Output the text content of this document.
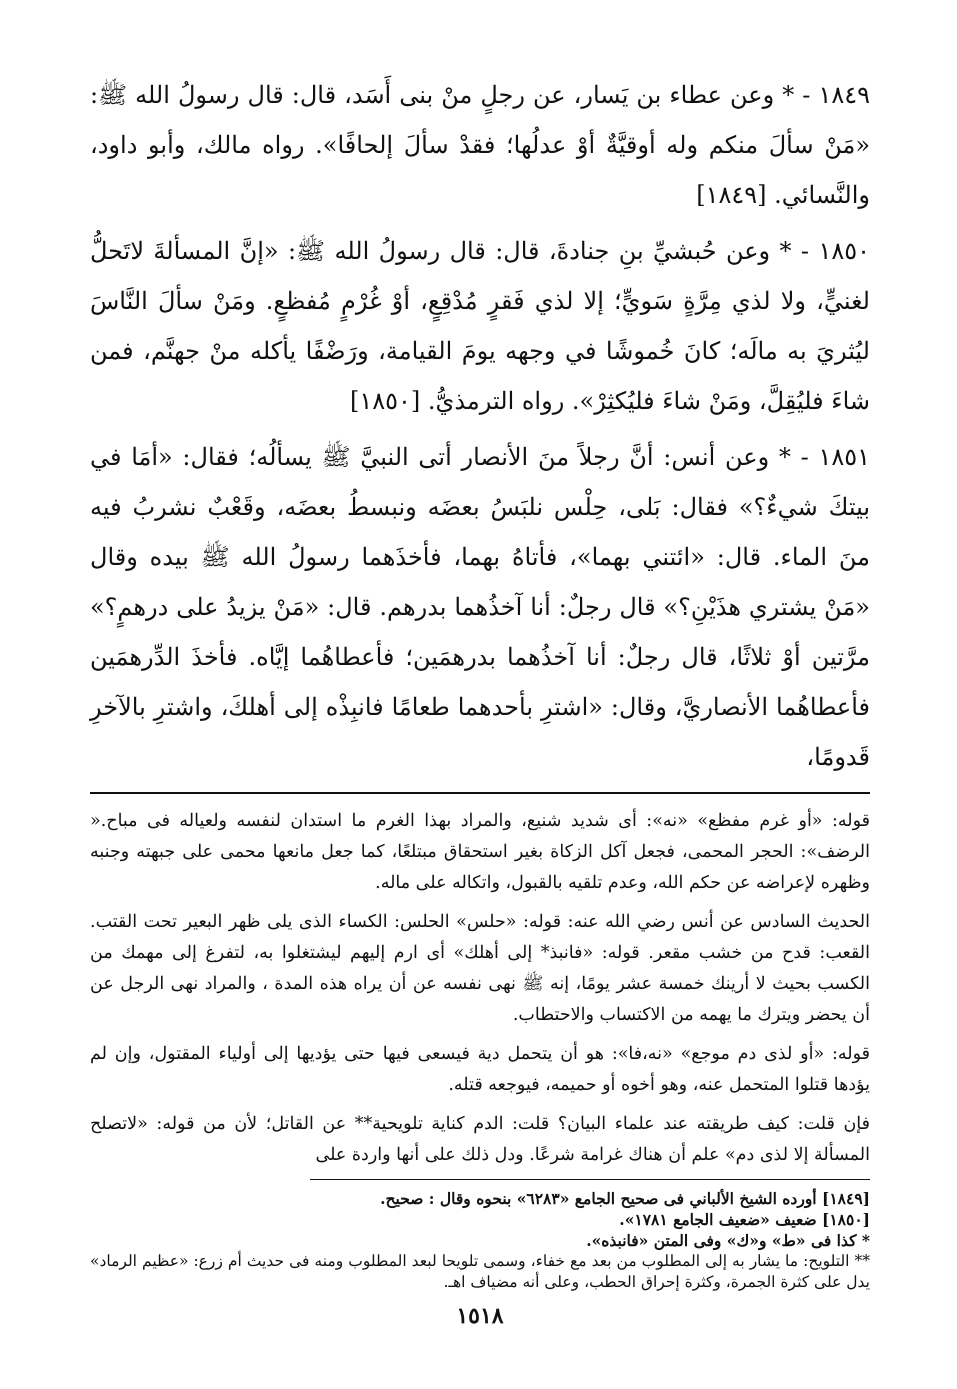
١٨٤٩ - * وعن عطاء بن يَسار، عن رجلٍ منْ بنى أَسَد، قال: قال رسولُ الله ﷺ: «مَنْ سألَ منكم وله أوقيَّةٌ أوْ عدلُها؛ فقدْ سألَ إلحافًا». رواه مالك، وأبو داود، والنَّسائي. [١٨٤٩]

١٨٥٠ - * وعن حُبشيِّ بنِ جنادةَ، قال: قال رسولُ الله ﷺ: «إنَّ المسألةَ لاتَحلُّ لغنيٍّ، ولا لذي مِرَّةٍ سَويٍّ؛ إلا لذي فَقرٍ مُدْقِعٍ، أوْ غُرْمٍ مُفظعٍ. ومَنْ سألَ النَّاسَ ليُثريَ به مالَه؛ كانَ خُموشًا في وجهه يومَ القيامة، ورَضْفًا يأكله منْ جهنَّم، فمن شاءَ فليُقِلَّ، ومَنْ شاءَ فليُكثِرْ». رواه الترمذيُّ. [١٨٥٠]

١٨٥١ - * وعن أنس: أنَّ رجلاً منَ الأنصار أتى النبيَّ ﷺ يسألُه؛ فقال: «أمَا في بيتكَ شيءٌ؟» فقال: بَلى، حِلْس نلبَسُ بعضَه ونبسطُ بعضَه، وقَعْبٌ نشربُ فيه منَ الماء. قال: «ائتني بهما»، فأتاهُ بهما، فأخذَهما رسولُ الله ﷺ بيده وقال «مَنْ يشتري هذَيْنِ؟» قال رجلٌ: أنا آخذُهما بدرهم. قال: «مَنْ يزيدُ على درهمٍ؟» مرَّتين أوْ ثلاثًا، قال رجلٌ: أنا آخذُهما بدرهمَين؛ فأعطاهُما إيَّاه. فأخذَ الدِّرهمَين فأعطاهُما الأنصاريَّ، وقال: «اشترِ بأحدهما طعامًا فانبِذْه إلى أهلكَ، واشترِ بالآخرِ قَدومًا،

قوله: «أو غرم مفظع» «نه»: أى شديد شنيع، والمراد بهذا الغرم ما استدان لنفسه ولعياله فى مباح.« الرضف»: الحجر المحمى، فجعل آكل الزكاة بغير استحقاق مبتلعًا، كما جعل مانعها محمى على جبهته وجنبه وظهره لإعراضه عن حكم الله، وعدم تلقيه بالقبول، واتكاله على ماله.

الحديث السادس عن أنس رضي الله عنه: قوله: «حلس» الحلس: الكساء الذى يلى ظهر البعير تحت القتب. القعب: قدح من خشب مقعر. قوله: «فانبذ* إلى أهلك» أى ارم إليهم ليشتغلوا به، لتفرغ إلى مهمك من الكسب بحيث لا أرينك خمسة عشر يومًا، إنه ﷺ نهى نفسه عن أن يراه هذه المدة ، والمراد نهى الرجل عن أن يحضر ويترك ما يهمه من الاكتساب والاحتطاب.

قوله: «أو لذى دم موجع» «نه،فا»: هو أن يتحمل دية فيسعى فيها حتى يؤديها إلى أولياء المقتول، وإن لم يؤدها قتلوا المتحمل عنه، وهو أخوه أو حميمه، فيوجعه قتله.

فإن قلت: كيف طريقته عند علماء البيان؟ قلت: الدم كناية تلويحية** عن القاتل؛ لأن من قوله: «لاتصلح المسألة إلا لذى دم» علم أن هناك غرامة شرعًا. ودل ذلك على أنها واردة على

[١٨٤٩] أورده الشيخ الألباني فى صحيح الجامع «٦٢٨٣» بنحوه وقال : صحيح.

[١٨٥٠] ضعيف «ضعيف الجامع ١٧٨١».

* كذا فى «ط» و«ك» وفى المتن «فانبذه».

** التلويح: ما يشار به إلى المطلوب من بعد مع خفاء، وسمى تلويحا لبعد المطلوب ومنه فى حديث أم زرع: «عظيم الرماد» يدل على كثرة الجمرة، وكثرة إحراق الحطب، وعلى أنه مضياف اهـ.

١٥١٨
